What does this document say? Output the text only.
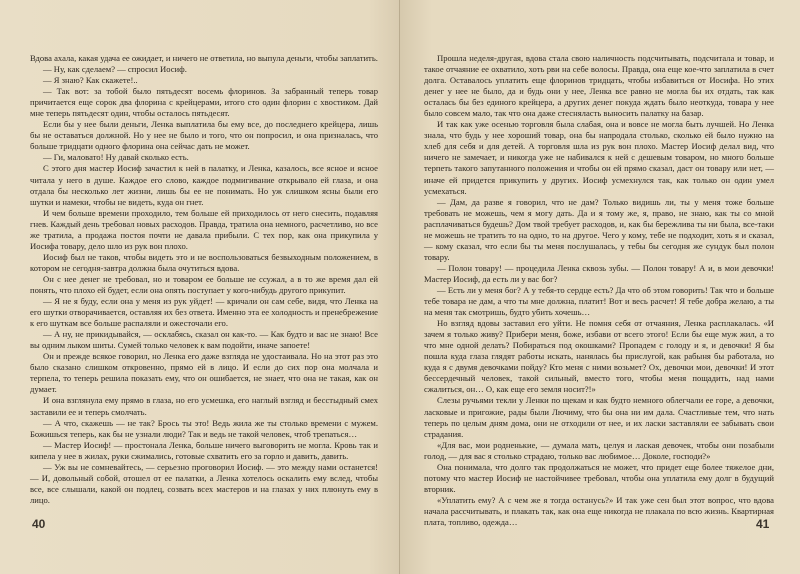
Вдова ахала, какая удача ее ожидает, и ничего не ответила, но выпула деньги, чтобы заплатить.

— Ну, как сделаем? — спросил Иосиф.

— Я знаю? Как скажете!..

— Так вот: за тобой было пятьдесят восемь флоринов. За забранный теперь товар причитается еще сорок два флорина с крейцерами, итого сто один флорин с хвостиком. Дай мне теперь пятьдесят один, чтобы осталось пятьдесят.

Если бы у нее были деньги, Ленка выплатила бы ему все, до последнего крейцера, лишь бы не оставаться должной. Но у нее не было и того, что он попросил, и она призналась, что больше тридцати одного флорина она сейчас дать не может.

— Ги, маловато! Ну давай сколько есть.

С этого дня мастер Иосиф зачастил к ней в палатку, и Ленка, казалось, все ясное и ясное читала у него в душе. Каждое его слово, каждое подмигивание открывало ей глаза, и она отдала бы несколько лет жизни, лишь бы ее не понимать. Но уж слишком ясны были его шутки и намеки, чтобы не видеть, куда он гнет.

И чем больше времени проходило, тем больше ей приходилось от него снесить, подавляя гнев. Каждый день требовал новых расходов. Правда, тратила она немного, расчетливо, но все же тратила, а продажа постоя почти не давала прибыли. С тех пор, как она прикупила у Иосифа товару, дело шло из рук вон плохо.

Иосиф был не таков, чтобы видеть это и не воспользоваться безвыходным положением, в котором не сегодня-завтра должна была очутиться вдова.

Он с нее денег не требовал, но и товаром ее больше не ссужал, а в то же время дал ей понять, что плохо ей будет, если она опять поступает у кого-нибудь другого прикупит.

— Я не я буду, если она у меня из рук уйдет! — кричали он сам себе, видя, что Ленка на его шутки отворачивается, оставляя их без ответа. Именно эта ее холодность и пренебрежение к его шуткам все больше распаляли и ожесточали его.

— А ну, не прикидывайся, — осклабясь, сказал он как-то. — Как будто и вас не знаю! Все вы одним лыком шиты. Сумей только человек к вам подойти, иначе запоете!

Он и прежде всякое говорил, но Ленка его даже взгляда не удостаивала. Но на этот раз это было сказано слишком откровенно, прямо ей в лицо. И если до сих пор она молчала и терпела, то теперь решила показать ему, что он ошибается, не знает, что она не такая, как он думает.

И она взглянула ему прямо в глаза, но его усмешка, его наглый взгляд и бесстыдный смех заставили ее и теперь смолчать.

— А что, скажешь — не так? Брось ты это! Ведь жила же ты столько времени с мужем. Божишься теперь, как бы не узнали люди? Так и ведь не такой человек, чтоб трепаться…

— Мастер Иосиф! — простонала Ленка, больше ничего выговорить не могла. Кровь так и кипела у нее в жилах, руки сжимались, готовые схватить его за горло и давить, давить.

— Уж вы не сомневайтесь, — серьезно проговорил Иосиф. — это между нами останется! — И, довольный собой, отошел от ее палатки, а Ленка хотелось оскалить ему вслед, чтобы все, все слышали, какой он подлец, созвать всех мастеров и на глазах у них плюнуть ему в лицо.

40

Прошла неделя-другая, вдова стала свою наличность подсчитывать, подсчитала и товар, и такое отчаяние ее охватило, хоть рви на себе волосы. Правда, она еще кое-что заплатила в счет долга. Оставалось уплатить еще флоринов тридцать, чтобы избавиться от Иосифа. Но этих денег у нее не было, да и будь они у нее, Ленка все равно не могла бы их отдать, так как осталась бы без единого крейцера, а другиx денег покуда ждать было неоткуда, товара у нее было совсем мало, так что она даже стесняласть выносить палатку на базар.

И так как уже осенью торговля была слабая, она и вовсе не могла быть лучшей. Но Ленка знала, что будь у нее хороший товар, она бы напродала столько, сколько ей было нужно на хлеб для себя и для детей. А торговля шла из рук вон плохо. Мастер Иосиф делал вид, что ничего не замечает, и никогда уже не набивался к ней с дешевым товаром, но много больше терпеть такого запутанного положения и чтобы он ей прямо сказал, даст он товару или нет, — иначе ей придется прикупить у других. Иосиф усмехнулся так, как только он один умел усмехаться.

— Дам, да разве я говорил, что не дам? Только видишь ли, ты у меня тоже больше требовать не можешь, чем я могу дать. Да и я тому же, я, право, не знаю, как ты со мной расплачиваться будешь? Дом твой требует расходов, и, как бы бережлива ты ни была, все-таки не можешь не тратить то на одно, то на другое. Чего у кому, тебе не подходит, хоть я и сказал, — кому сказал, что если бы ты меня послушалась, у тебы бы сегодня же сундук был полон товару.

— Полон товару! — процедила Ленка сквозь зубы. — Полон товару! А и, в мои девочки! Мастер Иосиф, да есть ли у вас бог?

— Есть ли у меня бог? А у тебя-то сердце есть? Да что об этом говорить! Так что и больше тебе товара не дам, а что ты мне должна, платит! Вот и весь расчет! Я тебе добра желаю, а ты на меня так смотришь, будто убить хочешь…

Но взгляд вдовы заставил его уйти. Не помня себя от отчаяния, Ленка расплакалась. «И зачем я только живу? Прибери меня, боже, избави от всего этого! Если бы еще муж жил, а то что мне одной делать? Побираться под окошками? Пропадем с голоду и я, и девочки! Я бы пошла куда глаза глядят работы искать, нанялась бы прислугой, как рабыня бы работала, но куда я с двумя девочками пойду? Кто меня с ними возьмет? Ох, девочки мои, девочки! И этот бессердечный человек, такой сильный, вместо того, чтобы меня пощадить, над нами сжалиться, он… О, как еще его земля носит?!»

Слезы ручьями текли у Ленки по щекам и как будто немного облегчали ее горе, а девочки, ласковые и пригожие, рады были Лючиму, что бы она ни им дала. Счастливые тем, что нать теперь по целым дням дома, они не отходили от нее, и их ласки заставляли ее забывать свои страдания.

«Для вас, мои родненькие, — думала мать, целуя и лаская девочек, чтобы они позабыли голод, — для вас я столько страдаю, только вас любимое… Доколе, господи?»

Она понимала, что долго так продолжаться не может, что придет еще более тяжелое дни, потому что мастер Иосиф не настойчивее требовал, чтобы она уплатила ему долг в будущий вторник.

«Уплатить ему? А с чем же я тогда останусь?» И так уже сен был этот вопрос, что вдова начала рассчитывать, и плакать так, как она еще никогда не плакала по всю жизнь. Квартирная плата, топливо, одежда…	41
